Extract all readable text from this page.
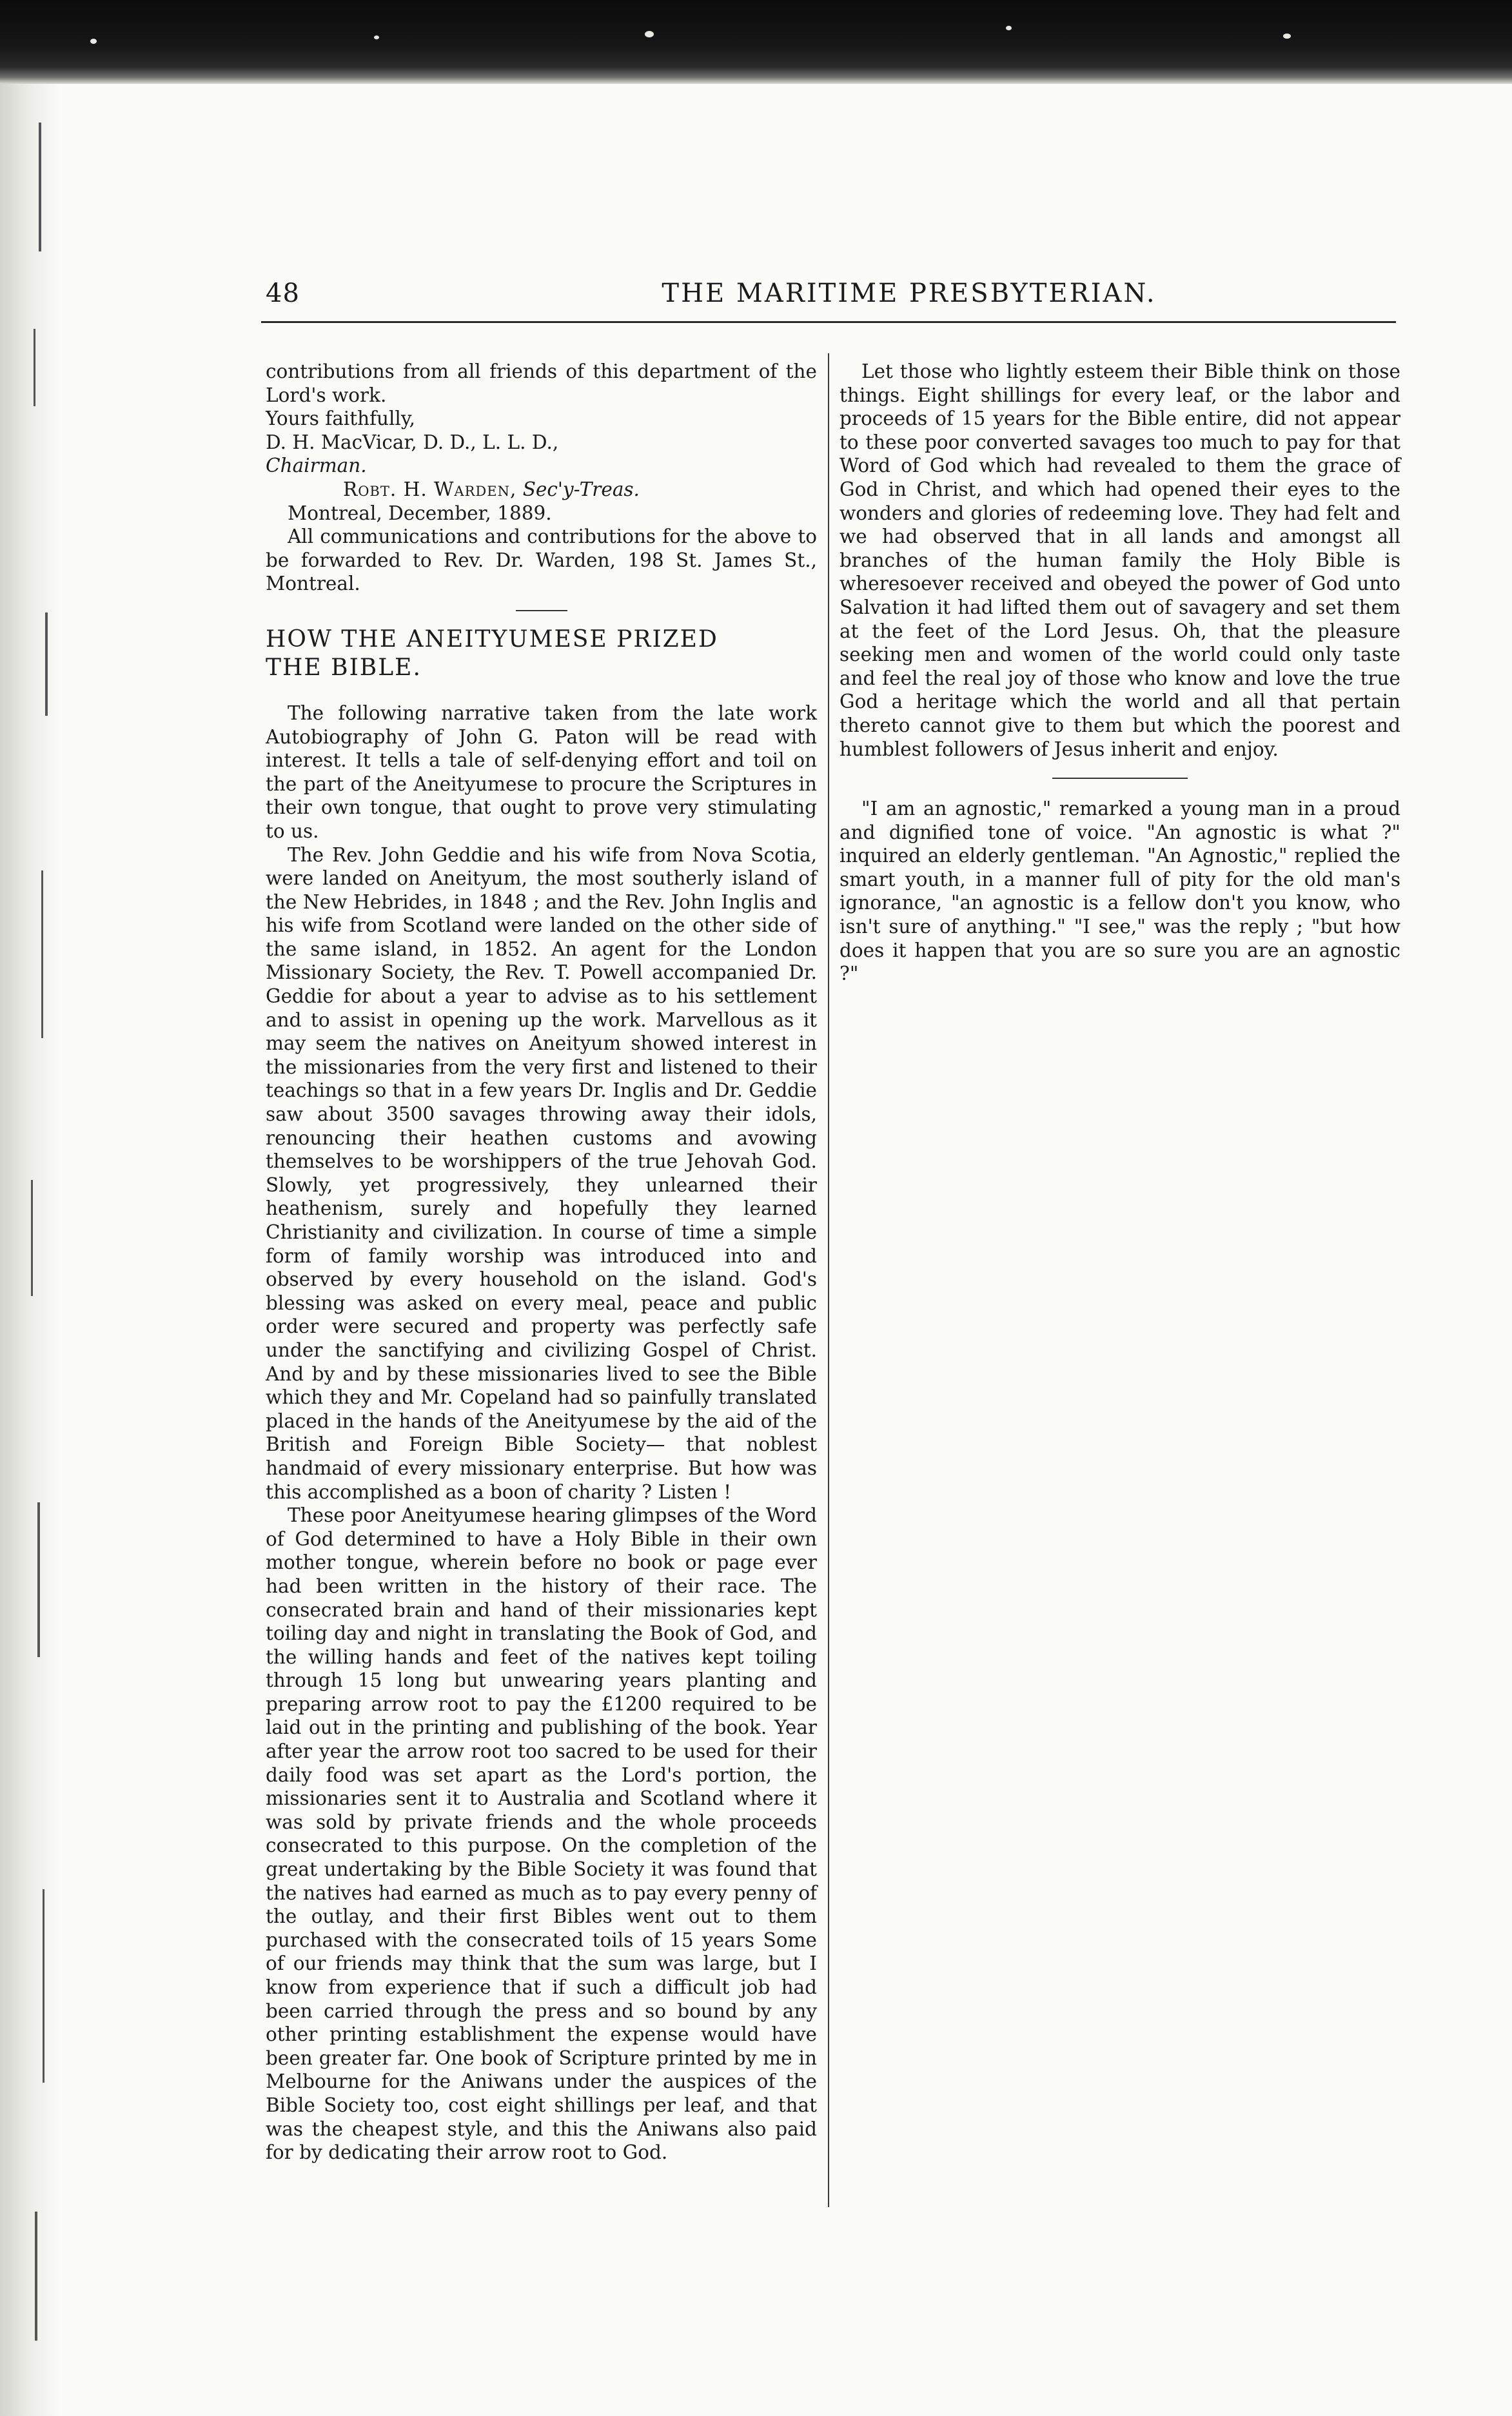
48	THE MARITIME PRESBYTERIAN.

contributions from all friends of this department of the Lord's work.

Yours faithfully,

D. H. MacVicar, D. D., L. L. D.,

Chairman.

Robt. H. Warden, Sec'y-Treas.

Montreal, December, 1889.

All communications and contributions for the above to be forwarded to Rev. Dr. Warden, 198 St. James St., Montreal.

HOW THE ANEITYUMESE PRIZED

THE BIBLE.

The following narrative taken from the late work Autobiography of John G. Paton will be read with interest. It tells a tale of self-denying effort and toil on the part of the Aneityumese to procure the Scriptures in their own tongue, that ought to prove very stimulating to us.

The Rev. John Geddie and his wife from Nova Scotia, were landed on Aneityum, the most southerly island of the New Hebrides, in 1848 ; and the Rev. John Inglis and his wife from Scotland were landed on the other side of the same island, in 1852. An agent for the London Missionary Society, the Rev. T. Powell accompanied Dr. Geddie for about a year to advise as to his settlement and to assist in opening up the work. Marvellous as it may seem the natives on Aneityum showed interest in the missionaries from the very first and listened to their teachings so that in a few years Dr. Inglis and Dr. Geddie saw about 3500 savages throwing away their idols, renouncing their heathen customs and avowing themselves to be worshippers of the true Jehovah God. Slowly, yet progressively, they unlearned their heathenism, surely and hopefully they learned Christianity and civilization. In course of time a simple form of family worship was introduced into and observed by every household on the island. God's blessing was asked on every meal, peace and public order were secured and property was perfectly safe under the sanctifying and civilizing Gospel of Christ. And by and by these missionaries lived to see the Bible which they and Mr. Copeland had so painfully translated placed in the hands of the Aneityumese by the aid of the British and Foreign Bible Society— that noblest handmaid of every missionary enterprise. But how was this accomplished as a boon of charity ? Listen !

These poor Aneityumese hearing glimpses of the Word of God determined to have a Holy Bible in their own mother tongue, wherein before no book or page ever had been written in the history of their race. The consecrated brain and hand of their missionaries kept toiling day and night in translating the Book of God, and the willing hands and feet of the natives kept toiling through 15 long but unwearing years planting and preparing arrow root to pay the £1200 required to be laid out in the printing and publishing of the book. Year after year the arrow root too sacred to be used for their daily food was set apart as the Lord's portion, the missionaries sent it to Australia and Scotland where it was sold by private friends and the whole proceeds consecrated to this purpose. On the completion of the great undertaking by the Bible Society it was found that the natives had earned as much as to pay every penny of the outlay, and their first Bibles went out to them purchased with the consecrated toils of 15 years Some of our friends may think that the sum was large, but I know from experience that if such a difficult job had been carried through the press and so bound by any other printing establishment the expense would have been greater far. One book of Scripture printed by me in Melbourne for the Aniwans under the auspices of the Bible Society too, cost eight shillings per leaf, and that was the cheapest style, and this the Aniwans also paid for by dedicating their arrow root to God.

Let those who lightly esteem their Bible think on those things. Eight shillings for every leaf, or the labor and proceeds of 15 years for the Bible entire, did not appear to these poor converted savages too much to pay for that Word of God which had revealed to them the grace of God in Christ, and which had opened their eyes to the wonders and glories of redeeming love. They had felt and we had observed that in all lands and amongst all branches of the human family the Holy Bible is wheresoever received and obeyed the power of God unto Salvation it had lifted them out of savagery and set them at the feet of the Lord Jesus. Oh, that the pleasure seeking men and women of the world could only taste and feel the real joy of those who know and love the true God a heritage which the world and all that pertain thereto cannot give to them but which the poorest and humblest followers of Jesus inherit and enjoy.

"I am an agnostic," remarked a young man in a proud and dignified tone of voice. "An agnostic is what ?" inquired an elderly gentleman. "An Agnostic," replied the smart youth, in a manner full of pity for the old man's ignorance, "an agnostic is a fellow don't you know, who isn't sure of anything." "I see," was the reply ; "but how does it happen that you are so sure you are an agnostic ?"
